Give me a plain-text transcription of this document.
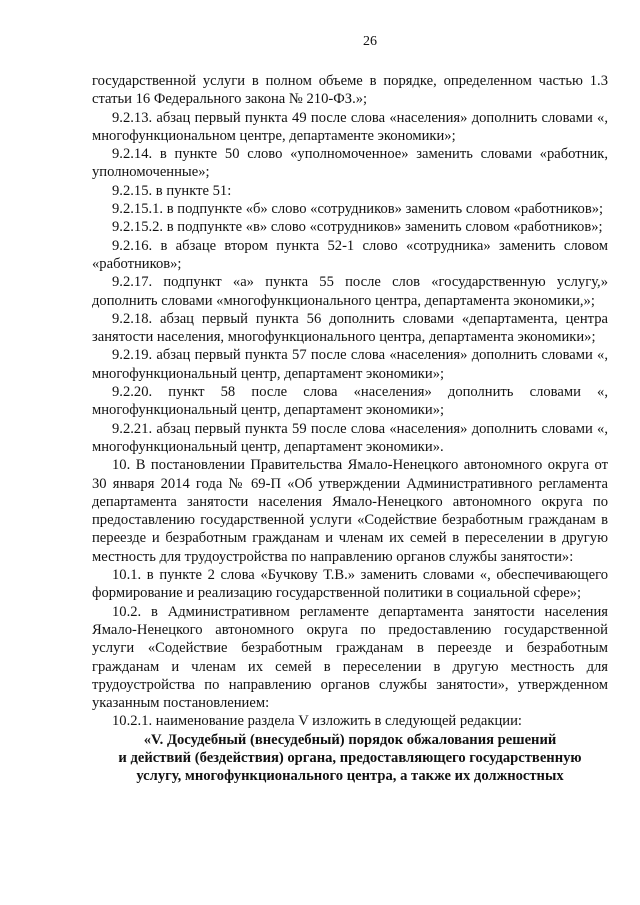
26

государственной услуги в полном объеме в порядке, определенном частью 1.3 статьи 16 Федерального закона № 210-ФЗ.»;

9.2.13. абзац первый пункта 49 после слова «населения» дополнить словами «, многофункциональном центре, департаменте экономики»;

9.2.14. в пункте 50 слово «уполномоченное» заменить словами «работник, уполномоченные»;

9.2.15. в пункте 51:

9.2.15.1. в подпункте «б» слово «сотрудников» заменить словом «работников»;

9.2.15.2. в подпункте «в» слово «сотрудников» заменить словом «работников»;

9.2.16. в абзаце втором пункта 52-1 слово «сотрудника» заменить словом «работников»;

9.2.17. подпункт «а» пункта 55 после слов «государственную услугу,» дополнить словами «многофункционального центра, департамента экономики,»;

9.2.18. абзац первый пункта 56 дополнить словами «департамента, центра занятости населения, многофункционального центра, департамента экономики»;

9.2.19. абзац первый пункта 57 после слова «населения» дополнить словами «, многофункциональный центр, департамент экономики»;

9.2.20. пункт 58 после слова «населения» дополнить словами «, многофункциональный центр, департамент экономики»;

9.2.21. абзац первый пункта 59 после слова «населения» дополнить словами «, многофункциональный центр, департамент экономики».

10. В постановлении Правительства Ямало-Ненецкого автономного округа от 30 января 2014 года № 69-П «Об утверждении Административного регламента департамента занятости населения Ямало-Ненецкого автономного округа по предоставлению государственной услуги «Содействие безработным гражданам в переезде и безработным гражданам и членам их семей в переселении в другую местность для трудоустройства по направлению органов службы занятости»:

10.1. в пункте 2 слова «Бучкову Т.В.» заменить словами «, обеспечивающего формирование и реализацию государственной политики в социальной сфере»;

10.2. в Административном регламенте департамента занятости населения Ямало-Ненецкого автономного округа по предоставлению государственной услуги «Содействие безработным гражданам в переезде и безработным гражданам и членам их семей в переселении в другую местность для трудоустройства по направлению органов службы занятости», утвержденном указанным постановлением:

10.2.1. наименование раздела V изложить в следующей редакции:

«V. Досудебный (внесудебный) порядок обжалования решений

и действий (бездействия) органа, предоставляющего государственную

услугу, многофункционального центра, а также их должностных
